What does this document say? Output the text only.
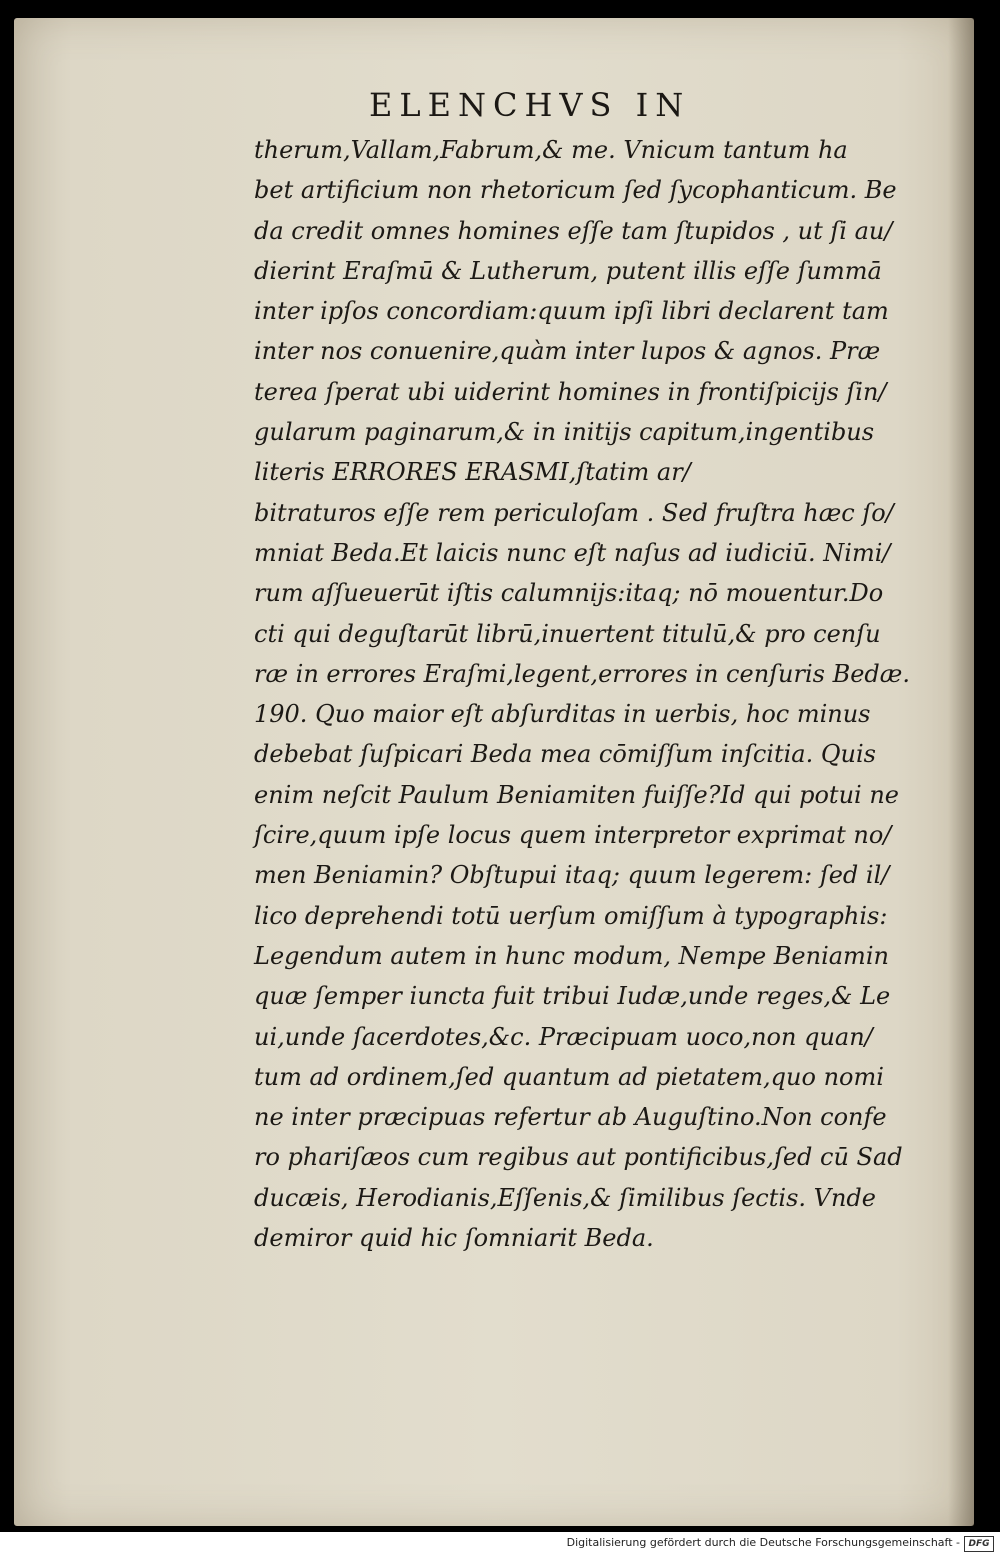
ELENCHVS IN
therum,Vallam,Fabrum,& me. Vnicum tantum ha
bet artificium non rhetoricum ſed ſycophanticum. Be
da credit omnes homines eſſe tam ſtupidos , ut ſi au/
dierint Eraſmū & Lutherum, putent illis eſſe ſummā
inter ipſos concordiam:quum ipſi libri declarent tam
inter nos conuenire,quàm inter lupos & agnos. Præ
terea ſperat ubi uiderint homines in frontiſpicijs ſin/
gularum paginarum,& in initijs capitum,ingentibus
literis ERRORES ERASMI,ſtatim ar/
bitraturos eſſe rem periculoſam . Sed fruſtra hæc ſo/
mniat Beda.Et laicis nunc eſt naſus ad iudiciū. Nimi/
rum aſſueuerūt iſtis calumnijs:itaq; nō mouentur.Do
cti qui deguſtarūt librū,inuertent titulū,& pro cenſu
ræ in errores Eraſmi,legent,errores in cenſuris Bedæ.
190. Quo maior eſt abſurditas in uerbis, hoc minus
debebat ſuſpicari Beda mea cōmiſſum inſcitia. Quis
enim neſcit Paulum Beniamiten fuiſſe?Id qui potui ne
ſcire,quum ipſe locus quem interpretor exprimat no/
men Beniamin? Obſtupui itaq; quum legerem: ſed il/
lico deprehendi totū uerſum omiſſum à typographis:
Legendum autem in hunc modum, Nempe Beniamin
quæ ſemper iuncta fuit tribui Iudæ,unde reges,& Le
ui,unde ſacerdotes,&c. Præcipuam uoco,non quan/
tum ad ordinem,ſed quantum ad pietatem,quo nomi
ne inter præcipuas refertur ab Auguſtino.Non confe
ro phariſæos cum regibus aut pontificibus,ſed cū Sad
ducæis, Herodianis,Eſſenis,& ſimilibus ſectis. Vnde
demiror quid hic ſomniarit Beda.
Digitalisierung gefördert durch die Deutsche Forschungsgemeinschaft - DFG
